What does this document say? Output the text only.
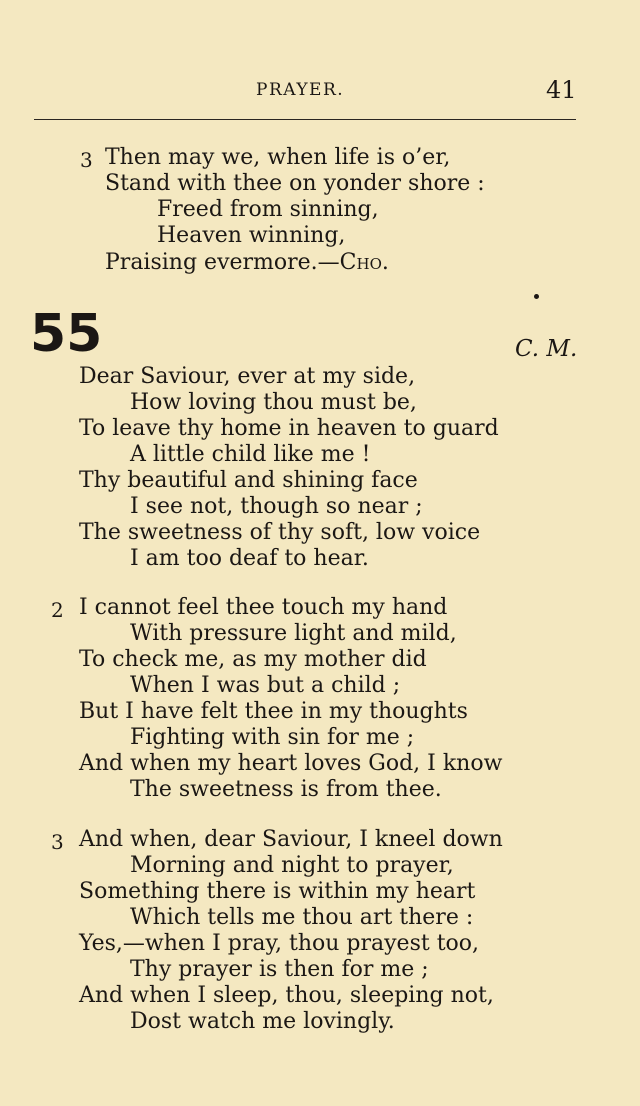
PRAYER.	41
3 Then may we, when life is o’er,
Stand with thee on yonder shore :
Freed from sinning,
Heaven winning,
Praising evermore.—Cho.
55	C. M.
Dear Saviour, ever at my side,
How loving thou must be,
To leave thy home in heaven to guard
A little child like me !
Thy beautiful and shining face
I see not, though so near ;
The sweetness of thy soft, low voice
I am too deaf to hear.
2 I cannot feel thee touch my hand
With pressure light and mild,
To check me, as my mother did
When I was but a child ;
But I have felt thee in my thoughts
Fighting with sin for me ;
And when my heart loves God, I know
The sweetness is from thee.
3 And when, dear Saviour, I kneel down
Morning and night to prayer,
Something there is within my heart
Which tells me thou art there :
Yes,—when I pray, thou prayest too,
Thy prayer is then for me ;
And when I sleep, thou, sleeping not,
Dost watch me lovingly.
